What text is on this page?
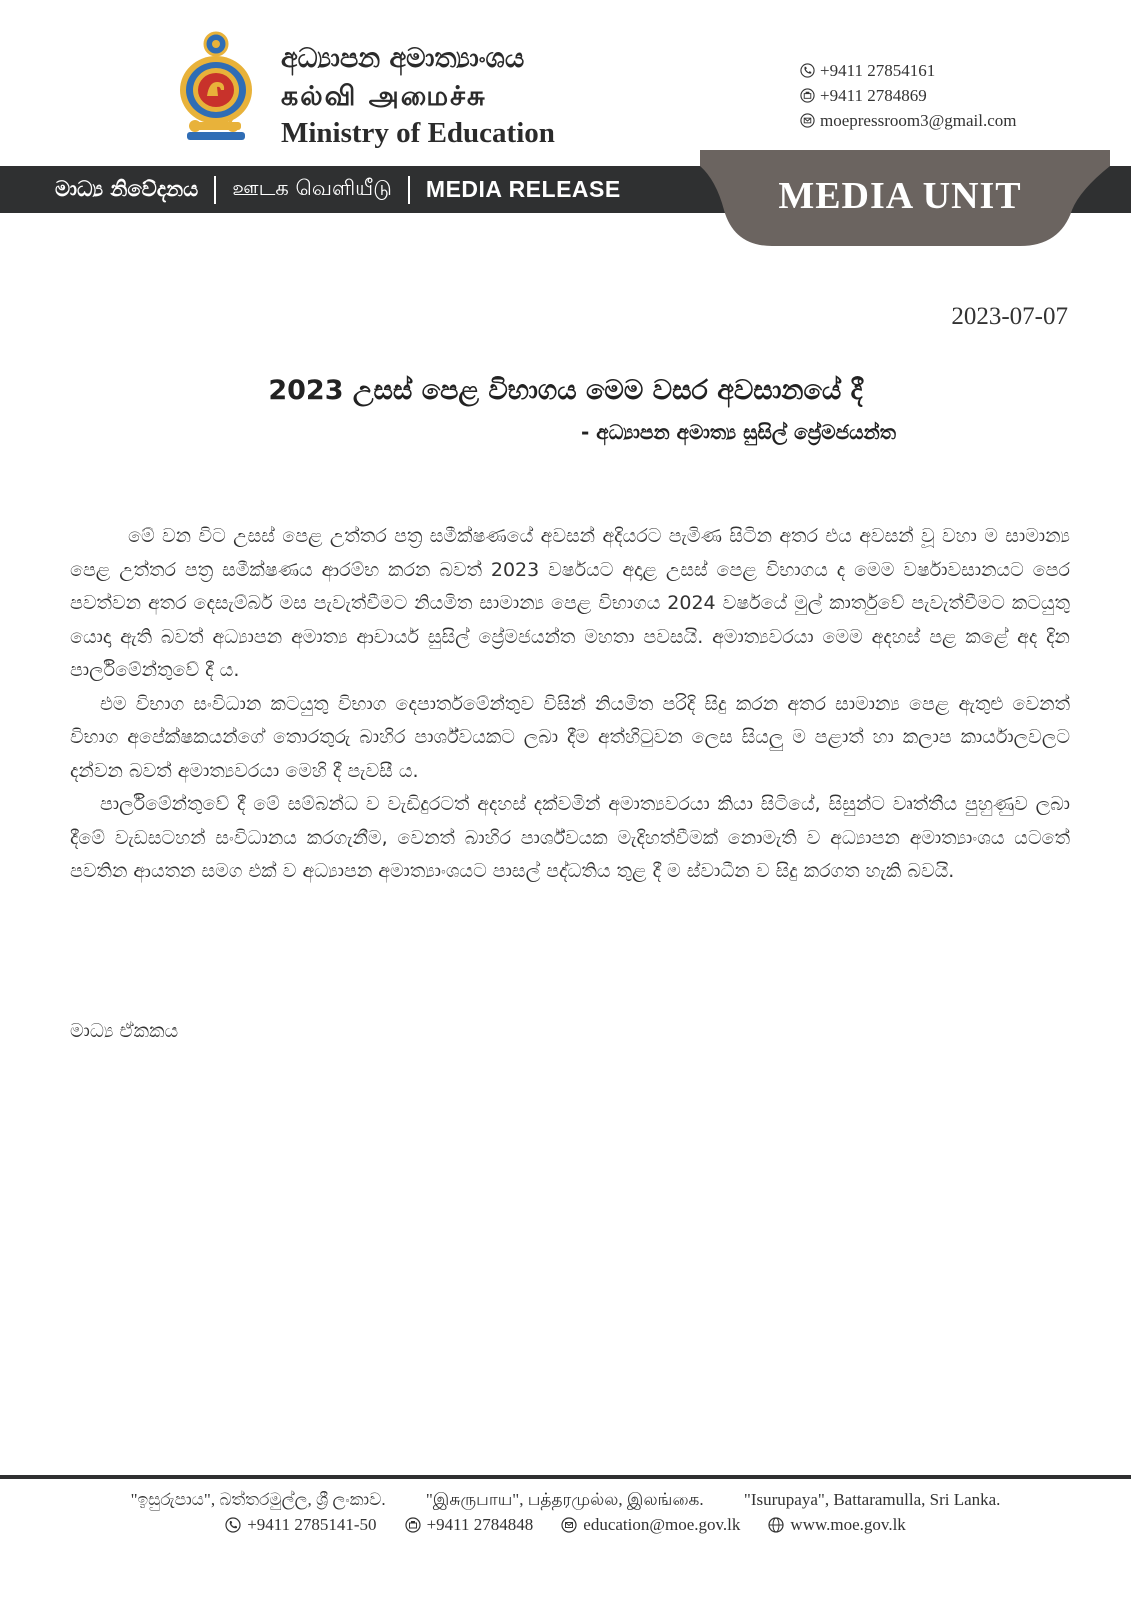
අධ්‍යාපන අමාත්‍යාංශය
கல்வி அமைச்சு
Ministry of Education
+9411 27854161
+9411 2784869
moepressroom3@gmail.com
මාධ්‍ය නිවේදනය ஊடக வெளியீடு MEDIA RELEASE	MEDIA UNIT
2023-07-07
2023 උසස් පෙළ විභාගය මෙම වසර අවසානයේ දී
- අධ්‍යාපන අමාත්‍ය සුසිල් ප්‍රේමජයන්ත

මේ වන විට උසස් පෙළ උත්තර පත්‍ර සමීක්ෂණයේ අවසන් අදියරට පැමිණ සිටින අතර එය අවසන් වූ වහා ම සාමාන්‍ය පෙළ උත්තර පත්‍ර සමීක්ෂණය ආරම්භ කරන බවත් 2023 වර්ෂයට අදාළ උසස් පෙළ විභාගය ද මෙම වර්ෂාවසානයට පෙර පවත්වන අතර දෙසැම්බර් මස පැවැත්වීමට නියමිත සාමාන්‍ය පෙළ විභාගය 2024 වර්ෂයේ මුල් කාර්තුවේ පැවැත්වීමට කටයුතු යොදා ඇති බවත් අධ්‍යාපන අමාත්‍ය ආචාර්ය සුසිල් ප්‍රේමජයන්ත මහතා පවසයි. අමාත්‍යවරයා මෙම අදහස් පළ කළේ අද දින පාර්ලිමේන්තුවේ දී ය.

එම විභාග සංවිධාන කටයුතු විභාග දෙපාර්තමේන්තුව විසින් නියමිත පරිදි සිදු කරන අතර සාමාන්‍ය පෙළ ඇතුළු වෙනත් විභාග අපේක්ෂකයන්ගේ තොරතුරු බාහිර පාර්ශ්වයකට ලබා දීම අත්හිටුවන ලෙස සියලු ම පළාත් හා කලාප කාර්යාලවලට දන්වන බවත් අමාත්‍යවරයා මෙහි දී පැවසී ය.

පාර්ලිමේන්තුවේ දී මේ සම්බන්ධ ව වැඩිදුරටත් අදහස් දක්වමින් අමාත්‍යවරයා කියා සිටියේ, සිසුන්ට වෘත්තීය පුහුණුව ලබා දීමේ වැඩසටහන් සංවිධානය කරගැනීම, වෙනත් බාහිර පාර්ශ්වයක මැදිහත්වීමක් නොමැති ව අධ්‍යාපන අමාත්‍යාංශය යටතේ පවතින ආයතන සමග එක් ව අධ්‍යාපන අමාත්‍යාංශයට පාසල් පද්ධතිය තුළ දී ම ස්වාධීන ව සිදු කරගත හැකි බවයි.

මාධ්‍ය ඒකකය
"ඉසුරුපාය", බත්තරමුල්ල, ශ්‍රී ලංකාව. "இசுருபாய", பத்தரமுல்ல, இலங்கை. "Isurupaya", Battaramulla, Sri Lanka.
+9411 2785141-50	+9411 2784848	education@moe.gov.lk	www.moe.gov.lk
